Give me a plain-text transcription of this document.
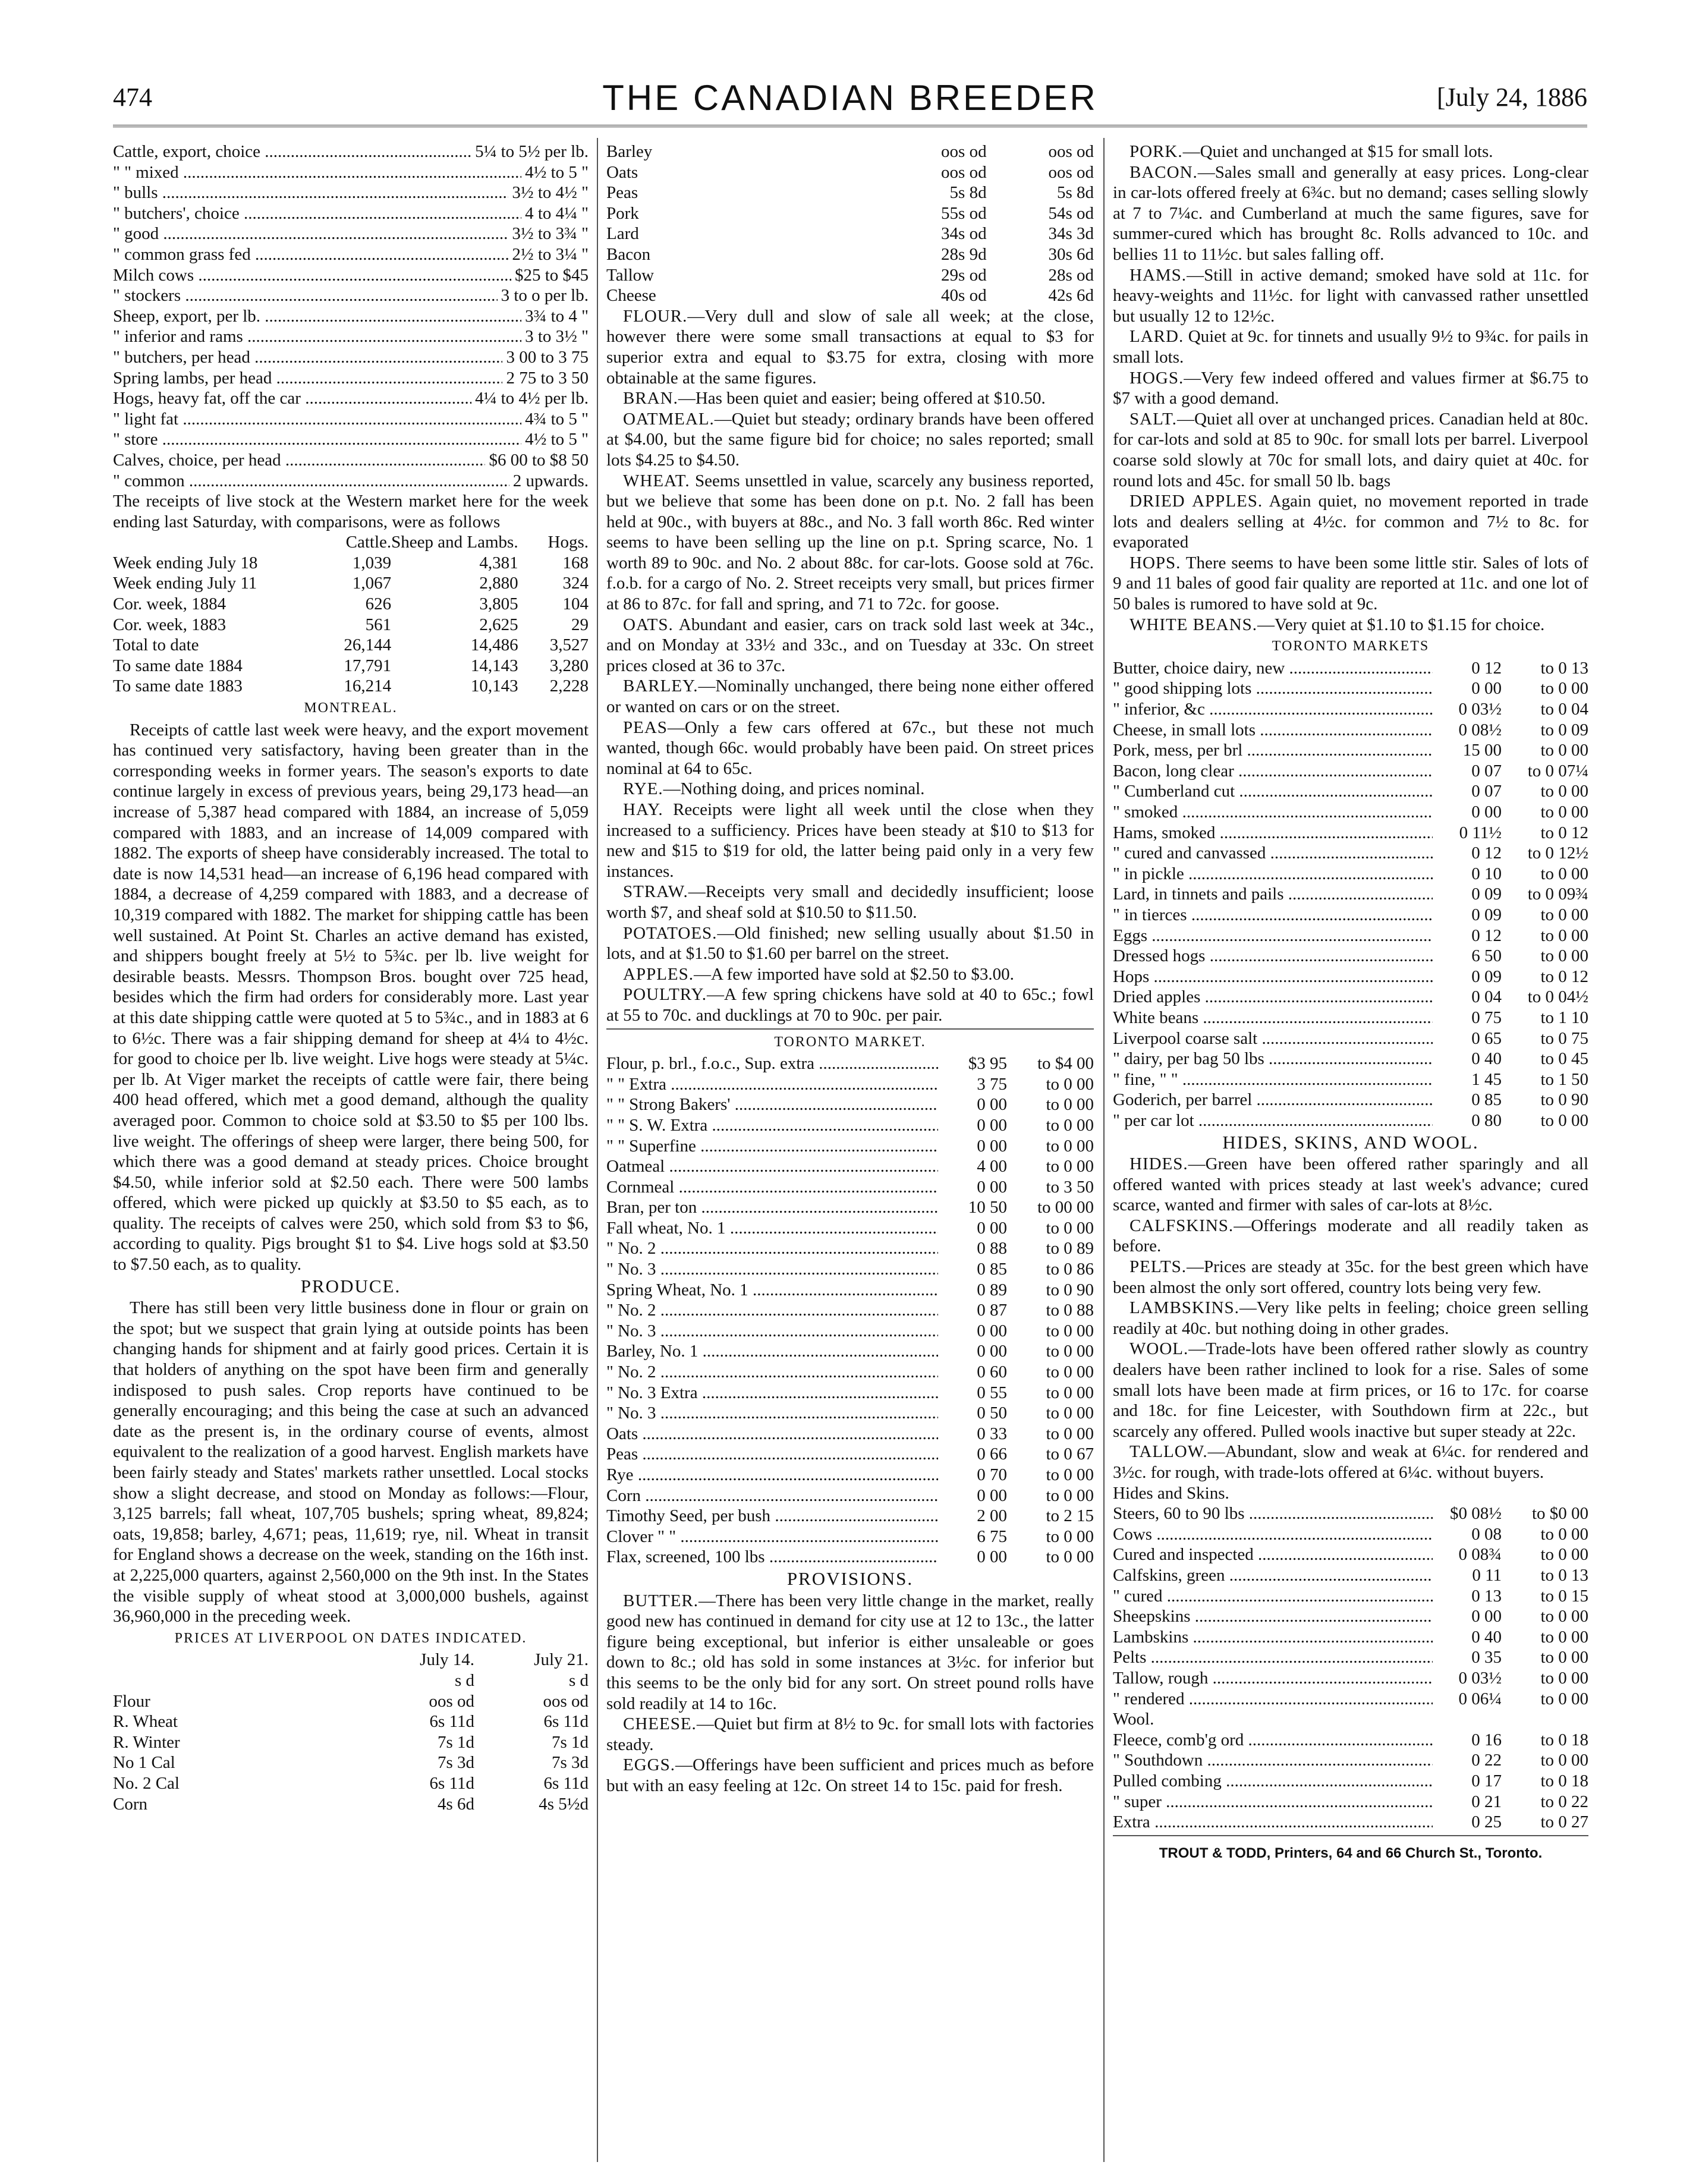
474	THE CANADIAN BREEDER	[July 24, 1886
Cattle, export, choice .....	5¼ to 5½ per lb.
" " mixed .....	4½ to 5 "
" bulls .....	3½ to 4½ "
" butchers', choice .....	4 to 4¼ "
" good .....	3½ to 3¾ "
" common grass fed .....	2½ to 3¼ "
Milch cows .....	$25 to $45
" stockers .....	3 to o per lb.
Sheep, export, per lb. .....	3¾ to 4 "
" inferior and rams .....	3 to 3½ "
" butchers, per head .....	3 00 to 3 75
Spring lambs, per head .....	2 75 to 3 50
Hogs, heavy fat, off the car .....	4¼ to 4½ per lb.
" light fat .....	4¾ to 5 "
" store .....	4½ to 5 "
Calves, choice, per head .....	$6 00 to $8 50
" common .....	2 upwards.

The receipts of live stock at the Western market here for the week ending last Saturday, with comparisons, were as follows

	Cattle.	Sheep and Lambs.	Hogs.
Week ending July 18	1,039	4,381	168
Week ending July 11	1,067	2,880	324
Cor. week, 1884	626	3,805	104
Cor. week, 1883	561	2,625	29
Total to date	26,144	14,486	3,527
To same date 1884	17,791	14,143	3,280
To same date 1883	16,214	10,143	2,228
MONTREAL.

Receipts of cattle last week were heavy, and the export movement has continued very satisfactory, having been greater than in the corresponding weeks in former years. The season's exports to date continue largely in excess of previous years, being 29,173 head—an increase of 5,387 head compared with 1884, an increase of 5,059 compared with 1883, and an increase of 14,009 compared with 1882. The exports of sheep have considerably increased. The total to date is now 14,531 head—an increase of 6,196 head compared with 1884, a decrease of 4,259 compared with 1883, and a decrease of 10,319 compared with 1882. The market for shipping cattle has been well sustained. At Point St. Charles an active demand has existed, and shippers bought freely at 5½ to 5¾c. per lb. live weight for desirable beasts. Messrs. Thompson Bros. bought over 725 head, besides which the firm had orders for considerably more. Last year at this date shipping cattle were quoted at 5 to 5¾c., and in 1883 at 6 to 6½c. There was a fair shipping demand for sheep at 4¼ to 4½c. for good to choice per lb. live weight. Live hogs were steady at 5¼c. per lb. At Viger market the receipts of cattle were fair, there being 400 head offered, which met a good demand, although the quality averaged poor. Common to choice sold at $3.50 to $5 per 100 lbs. live weight. The offerings of sheep were larger, there being 500, for which there was a good demand at steady prices. Choice brought $4.50, while inferior sold at $2.50 each. There were 500 lambs offered, which were picked up quickly at $3.50 to $5 each, as to quality. The receipts of calves were 250, which sold from $3 to $6, according to quality. Pigs brought $1 to $4. Live hogs sold at $3.50 to $7.50 each, as to quality.

PRODUCE.

There has still been very little business done in flour or grain on the spot; but we suspect that grain lying at outside points has been changing hands for shipment and at fairly good prices. Certain it is that holders of anything on the spot have been firm and generally indisposed to push sales. Crop reports have continued to be generally encouraging; and this being the case at such an advanced date as the present is, in the ordinary course of events, almost equivalent to the realization of a good harvest. English markets have been fairly steady and States' markets rather unsettled. Local stocks show a slight decrease, and stood on Monday as follows:—Flour, 3,125 barrels; fall wheat, 107,705 bushels; spring wheat, 89,824; oats, 19,858; barley, 4,671; peas, 11,619; rye, nil. Wheat in transit for England shows a decrease on the week, standing on the 16th inst. at 2,225,000 quarters, against 2,560,000 on the 9th inst. In the States the visible supply of wheat stood at 3,000,000 bushels, against 36,960,000 in the preceding week.

PRICES AT LIVERPOOL ON DATES INDICATED.
	July 14.	July 21.
	s d	s d
Flour	oos od	oos od
R. Wheat	6s 11d	6s 11d
R. Winter	7s 1d	7s 1d
No 1 Cal	7s 3d	7s 3d
No. 2 Cal	6s 11d	6s 11d
Corn	4s 6d	4s 5½d
Barley	oos od	oos od
Oats	oos od	oos od
Peas	5s 8d	5s 8d
Pork	55s od	54s od
Lard	34s od	34s 3d
Bacon	28s 9d	30s 6d
Tallow	29s od	28s od
Cheese	40s od	42s 6d

FLOUR.—Very dull and slow of sale all week; at the close, however there were some small transactions at equal to $3 for superior extra and equal to $3.75 for extra, closing with more obtainable at the same figures.

BRAN.—Has been quiet and easier; being offered at $10.50.

OATMEAL.—Quiet but steady; ordinary brands have been offered at $4.00, but the same figure bid for choice; no sales reported; small lots $4.25 to $4.50.

WHEAT. Seems unsettled in value, scarcely any business reported, but we believe that some has been done on p.t. No. 2 fall has been held at 90c., with buyers at 88c., and No. 3 fall worth 86c. Red winter seems to have been selling up the line on p.t. Spring scarce, No. 1 worth 89 to 90c. and No. 2 about 88c. for car-lots. Goose sold at 76c. f.o.b. for a cargo of No. 2. Street receipts very small, but prices firmer at 86 to 87c. for fall and spring, and 71 to 72c. for goose.

OATS. Abundant and easier, cars on track sold last week at 34c., and on Monday at 33½ and 33c., and on Tuesday at 33c. On street prices closed at 36 to 37c.

BARLEY.—Nominally unchanged, there being none either offered or wanted on cars or on the street.

PEAS—Only a few cars offered at 67c., but these not much wanted, though 66c. would probably have been paid. On street prices nominal at 64 to 65c.

RYE.—Nothing doing, and prices nominal.

HAY. Receipts were light all week until the close when they increased to a sufficiency. Prices have been steady at $10 to $13 for new and $15 to $19 for old, the latter being paid only in a very few instances.

STRAW.—Receipts very small and decidedly insufficient; loose worth $7, and sheaf sold at $10.50 to $11.50.

POTATOES.—Old finished; new selling usually about $1.50 in lots, and at $1.50 to $1.60 per barrel on the street.

APPLES.—A few imported have sold at $2.50 to $3.00.

POULTRY.—A few spring chickens have sold at 40 to 65c.; fowl at 55 to 70c. and ducklings at 70 to 90c. per pair.

TORONTO MARKET.
Flour, p. brl., f.o.c., Sup. extra .....	$3 95	to $4 00
" " Extra .....	3 75	to 0 00
" " Strong Bakers' .....	0 00	to 0 00
" " S. W. Extra .....	0 00	to 0 00
" " Superfine .....	0 00	to 0 00
Oatmeal .....	4 00	to 0 00
Cornmeal .....	0 00	to 3 50
Bran, per ton .....	10 50	to 00 00
Fall wheat, No. 1 .....	0 00	to 0 00
" No. 2 .....	0 88	to 0 89
" No. 3 .....	0 85	to 0 86
Spring Wheat, No. 1 .....	0 89	to 0 90
" No. 2 .....	0 87	to 0 88
" No. 3 .....	0 00	to 0 00
Barley, No. 1 .....	0 00	to 0 00
" No. 2 .....	0 60	to 0 00
" No. 3 Extra .....	0 55	to 0 00
" No. 3 .....	0 50	to 0 00
Oats .....	0 33	to 0 00
Peas .....	0 66	to 0 67
Rye .....	0 70	to 0 00
Corn .....	0 00	to 0 00
Timothy Seed, per bush .....	2 00	to 2 15
Clover " " .....	6 75	to 0 00
Flax, screened, 100 lbs .....	0 00	to 0 00
PROVISIONS.

BUTTER.—There has been very little change in the market, really good new has continued in demand for city use at 12 to 13c., the latter figure being exceptional, but inferior is either unsaleable or goes down to 8c.; old has sold in some instances at 3½c. for inferior but this seems to be the only bid for any sort. On street pound rolls have sold readily at 14 to 16c.

CHEESE.—Quiet but firm at 8½ to 9c. for small lots with factories steady.

EGGS.—Offerings have been sufficient and prices much as before but with an easy feeling at 12c. On street 14 to 15c. paid for fresh.

PORK.—Quiet and unchanged at $15 for small lots.

BACON.—Sales small and generally at easy prices. Long-clear in car-lots offered freely at 6¾c. but no demand; cases selling slowly at 7 to 7¼c. and Cumberland at much the same figures, save for summer-cured which has brought 8c. Rolls advanced to 10c. and bellies 11 to 11½c. but sales falling off.

HAMS.—Still in active demand; smoked have sold at 11c. for heavy-weights and 11½c. for light with canvassed rather unsettled but usually 12 to 12½c.

LARD. Quiet at 9c. for tinnets and usually 9½ to 9¾c. for pails in small lots.

HOGS.—Very few indeed offered and values firmer at $6.75 to $7 with a good demand.

SALT.—Quiet all over at unchanged prices. Canadian held at 80c. for car-lots and sold at 85 to 90c. for small lots per barrel. Liverpool coarse sold slowly at 70c for small lots, and dairy quiet at 40c. for round lots and 45c. for small 50 lb. bags

DRIED APPLES. Again quiet, no movement reported in trade lots and dealers selling at 4½c. for common and 7½ to 8c. for evaporated

HOPS. There seems to have been some little stir. Sales of lots of 9 and 11 bales of good fair quality are reported at 11c. and one lot of 50 bales is rumored to have sold at 9c.

WHITE BEANS.—Very quiet at $1.10 to $1.15 for choice.

TORONTO MARKETS
Butter, choice dairy, new .....	0 12	to 0 13
" good shipping lots .....	0 00	to 0 00
" inferior, &c .....	0 03½	to 0 04
Cheese, in small lots .....	0 08½	to 0 09
Pork, mess, per brl .....	15 00	to 0 00
Bacon, long clear .....	0 07	to 0 07¼
" Cumberland cut .....	0 07	to 0 00
" smoked .....	0 00	to 0 00
Hams, smoked .....	0 11½	to 0 12
" cured and canvassed .....	0 12	to 0 12½
" in pickle .....	0 10	to 0 00
Lard, in tinnets and pails .....	0 09	to 0 09¾
" in tierces .....	0 09	to 0 00
Eggs .....	0 12	to 0 00
Dressed hogs .....	6 50	to 0 00
Hops .....	0 09	to 0 12
Dried apples .....	0 04	to 0 04½
White beans .....	0 75	to 1 10
Liverpool coarse salt .....	0 65	to 0 75
" dairy, per bag 50 lbs .....	0 40	to 0 45
" fine, " " .....	1 45	to 1 50
Goderich, per barrel .....	0 85	to 0 90
" per car lot .....	0 80	to 0 00
HIDES, SKINS, AND WOOL.

HIDES.—Green have been offered rather sparingly and all offered wanted with prices steady at last week's advance; cured scarce, wanted and firmer with sales of car-lots at 8½c.

CALFSKINS.—Offerings moderate and all readily taken as before.

PELTS.—Prices are steady at 35c. for the best green which have been almost the only sort offered, country lots being very few.

LAMBSKINS.—Very like pelts in feeling; choice green selling readily at 40c. but nothing doing in other grades.

WOOL.—Trade-lots have been offered rather slowly as country dealers have been rather inclined to look for a rise. Sales of some small lots have been made at firm prices, or 16 to 17c. for coarse and 18c. for fine Leicester, with Southdown firm at 22c., but scarcely any offered. Pulled wools inactive but super steady at 22c.

TALLOW.—Abundant, slow and weak at 6¼c. for rendered and 3½c. for rough, with trade-lots offered at 6¼c. without buyers.

Hides and Skins.
Steers, 60 to 90 lbs .....	$0 08½	to $0 00
Cows .....	0 08	to 0 00
Cured and inspected .....	0 08¾	to 0 00
Calfskins, green .....	0 11	to 0 13
" cured .....	0 13	to 0 15
Sheepskins .....	0 00	to 0 00
Lambskins .....	0 40	to 0 00
Pelts .....	0 35	to 0 00
Tallow, rough .....	0 03½	to 0 00
" rendered .....	0 06¼	to 0 00
Wool.
Fleece, comb'g ord .....	0 16	to 0 18
" Southdown .....	0 22	to 0 00
Pulled combing .....	0 17	to 0 18
" super .....	0 21	to 0 22
Extra .....	0 25	to 0 27
TROUT & TODD, Printers, 64 and 66 Church St., Toronto.
